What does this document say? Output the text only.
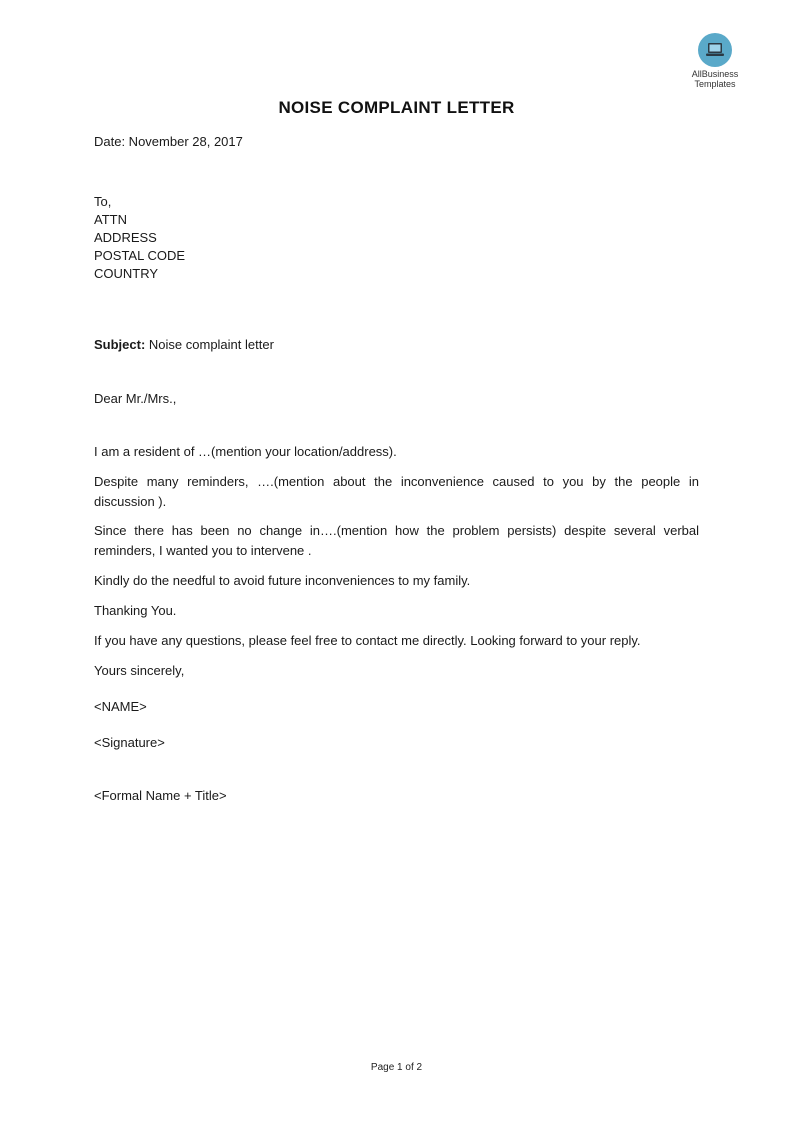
AllBusiness
Templates
NOISE COMPLAINT LETTER
Date: November 28, 2017
To,
ATTN
ADDRESS
POSTAL CODE
COUNTRY
Subject: Noise complaint letter
Dear Mr./Mrs.,
I am a resident of …(mention your location/address).
Despite many reminders, ….(mention about the inconvenience caused to you by the people in
discussion ).
Since there has been no change in….(mention how the problem persists) despite several verbal
reminders, I wanted you to intervene .
Kindly do the needful to avoid future inconveniences to my family.
Thanking You.
If you have any questions, please feel free to contact me directly. Looking forward to your reply.
Yours sincerely,
<NAME>
<Signature>
<Formal Name + Title>
Page 1 of 2
